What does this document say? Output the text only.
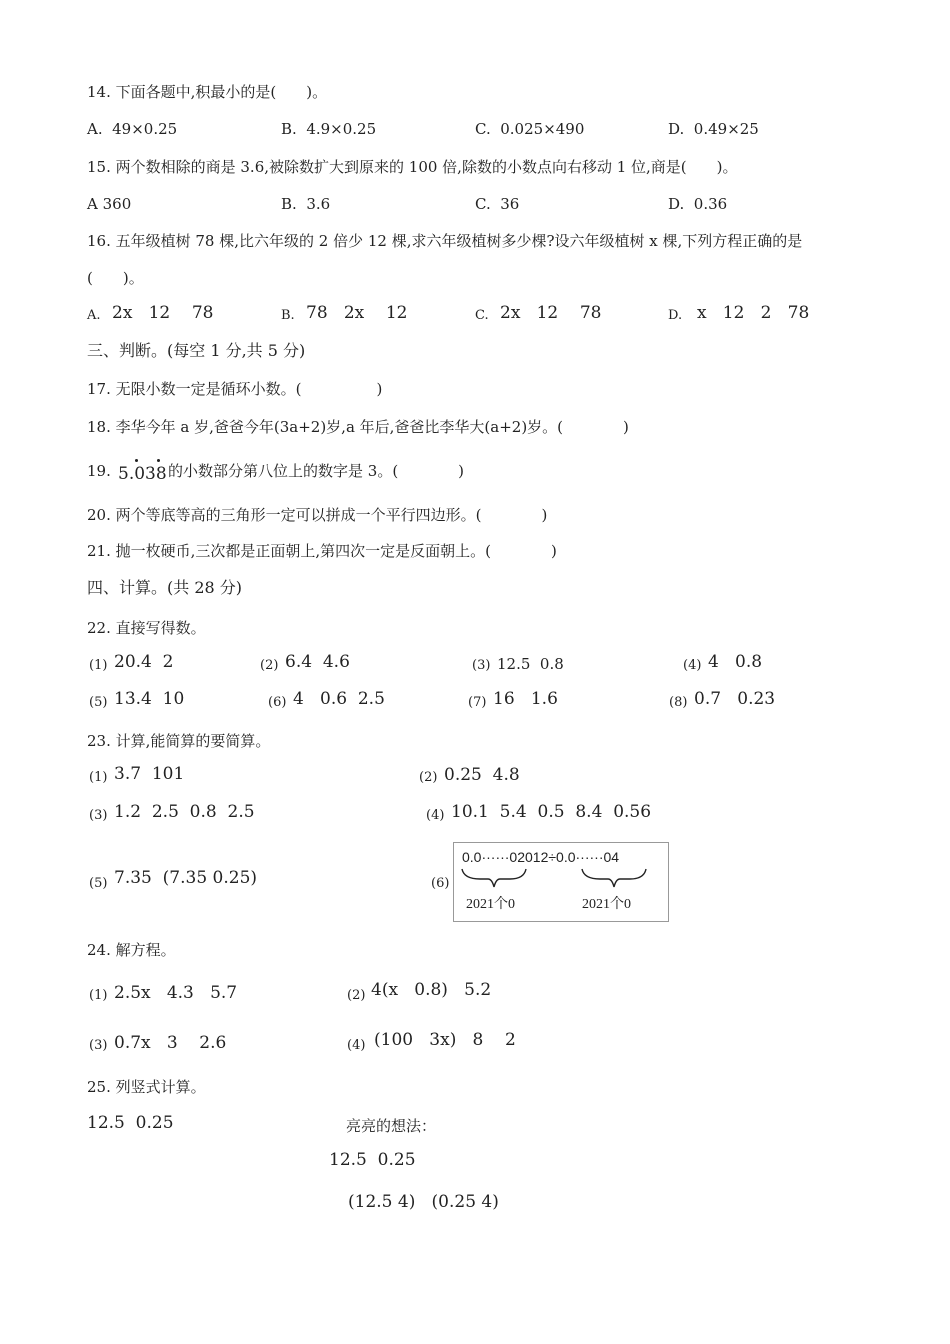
14. 下面各题中,积最小的是(　　)。
A.  49×0.25	B.  4.9×0.25	C.  0.025×490	D.  0.49×25
15. 两个数相除的商是 3.6,被除数扩大到原来的 100 倍,除数的小数点向右移动 1 位,商是(　　)。
A 360	B.  3.6	C.  36	D.  0.36
16. 五年级植树 78 棵,比六年级的 2 倍少 12 棵,求六年级植树多少棵?设六年级植树 x 棵,下列方程正确的是
(　　)。
A. 2x   12    78	B. 78   2x    12	C. 2x   12    78	D. x   12   2   78
三、判断。(每空 1 分,共 5 分)
17. 无限小数一定是循环小数。(　　　　　)
18. 李华今年 a 岁,爸爸今年(3a+2)岁,a 年后,爸爸比李华大(a+2)岁。(　　　　)
19. 5.038 的小数部分第八位上的数字是 3。(　　　　)
20. 两个等底等高的三角形一定可以拼成一个平行四边形。(　　　　)
21. 抛一枚硬币,三次都是正面朝上,第四次一定是反面朝上。(　　　　)
四、计算。(共 28 分)
22. 直接写得数。
(1) 20.4  2	(2) 6.4  4.6	(3) 12.5  0.8	(4) 4   0.8
(5) 13.4  10	(6) 4   0.6  2.5	(7) 16   1.6	(8) 0.7   0.23
23. 计算,能简算的要简算。
(1) 3.7  101	(2) 0.25  4.8
(3) 1.2  2.5  0.8  2.5	(4) 10.1  5.4  0.5  8.4  0.56
(5) 7.35  (7.35 0.25)	(6)
0.0······02012÷0.0······04
2021个0	2021个0
24. 解方程。
(1) 2.5x   4.3   5.7	(2) 4(x   0.8)   5.2
(3) 0.7x   3    2.6	(4) (100   3x)   8    2
25. 列竖式计算。
12.5  0.25	亮亮的想法：
12.5  0.25
(12.5 4)   (0.25 4)
